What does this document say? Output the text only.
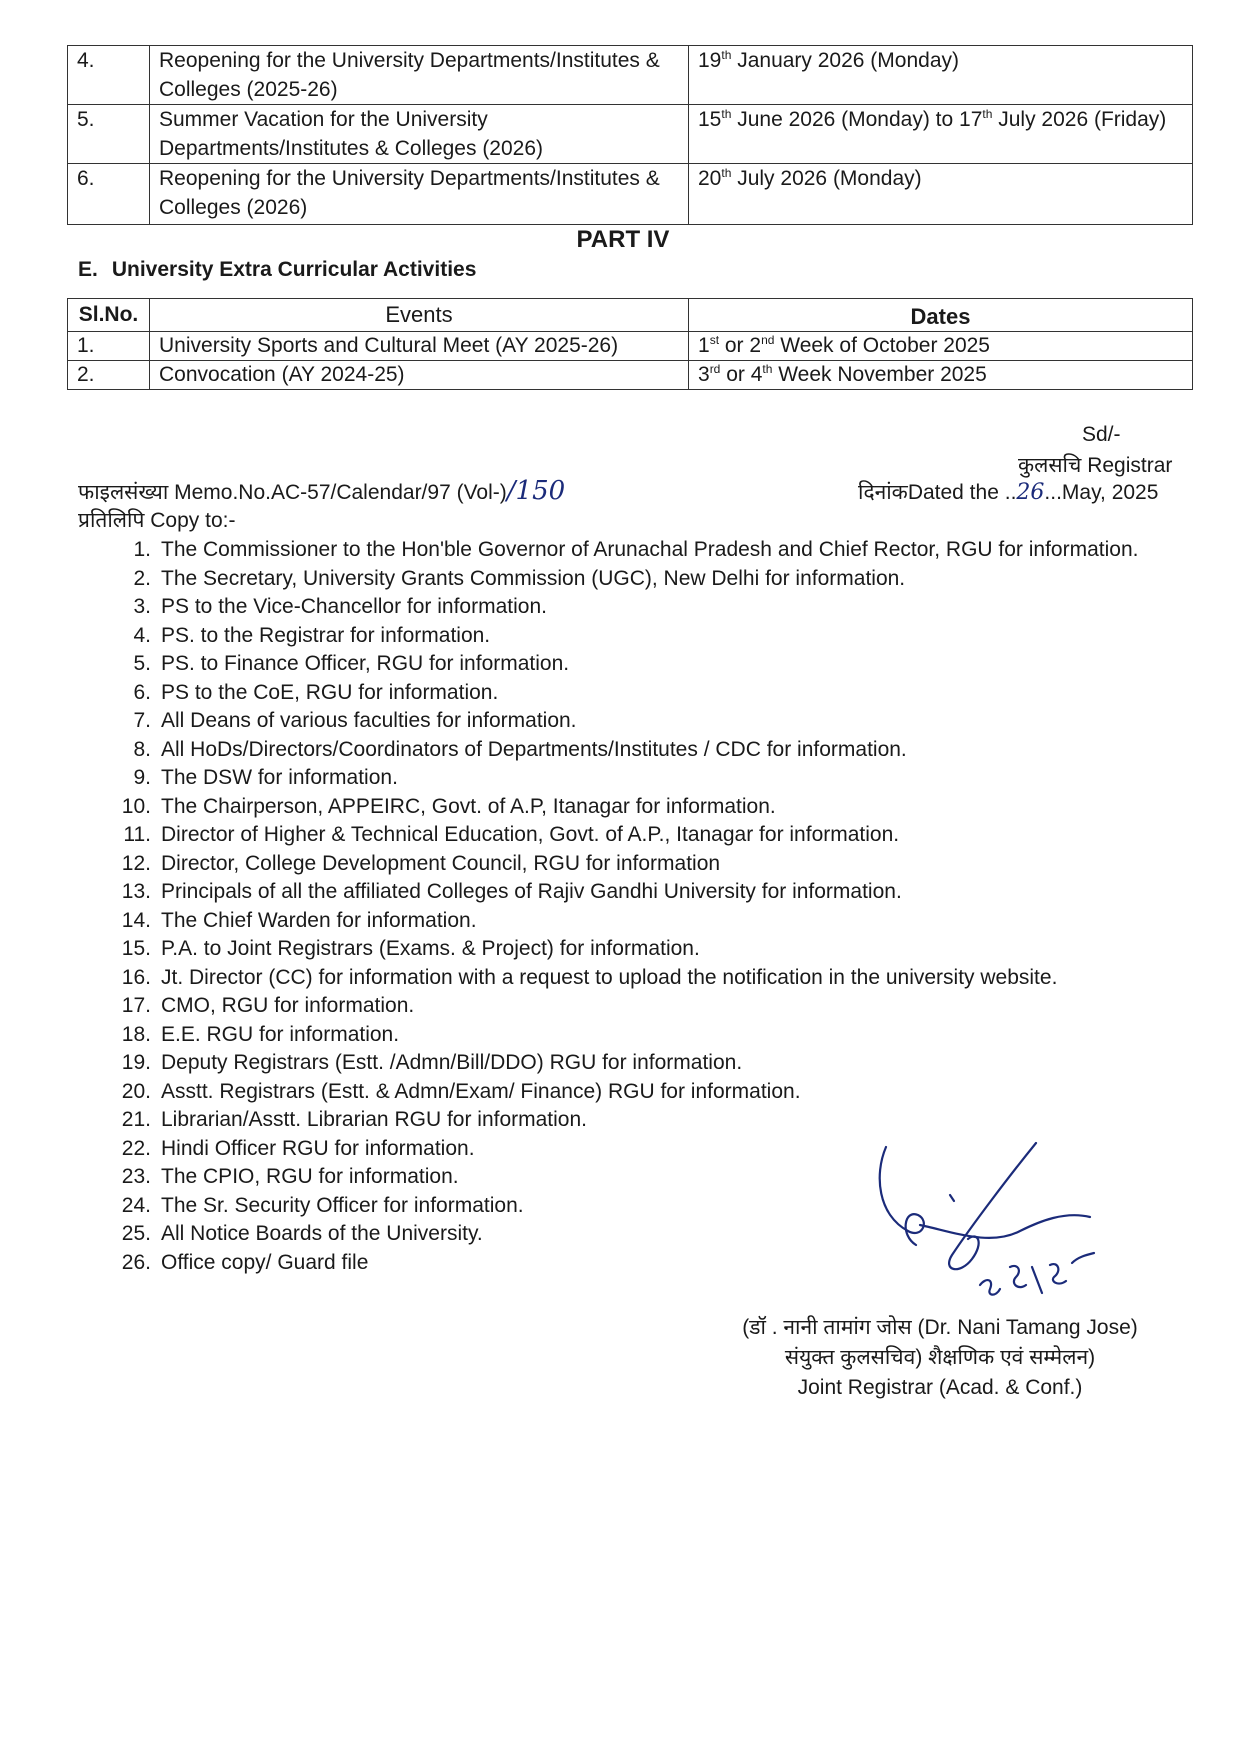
4.	Reopening for the University Departments/Institutes & Colleges (2025-26)	19th January 2026 (Monday)
5.	Summer Vacation for the University Departments/Institutes & Colleges (2026)	15th June 2026 (Monday) to 17th July 2026 (Friday)
6.	Reopening for the University Departments/Institutes & Colleges (2026)	20th July 2026 (Monday)
PART IV
E. University Extra Curricular Activities
Sl.No.	Events	Dates
1.	University Sports and Cultural Meet (AY 2025-26)	1st or 2nd Week of October 2025
2.	Convocation (AY 2024-25)	3rd or 4th Week November 2025
Sd/-
कुलसचि Registrar
फाइलसंख्या Memo.No.AC-57/Calendar/97 (Vol-)/150	दिनांकDated the ..26...May, 2025
प्रतिलिपि Copy to:-
1. The Commissioner to the Hon'ble Governor of Arunachal Pradesh and Chief Rector, RGU for information.
2. The Secretary, University Grants Commission (UGC), New Delhi for information.
3. PS to the Vice-Chancellor for information.
4. PS. to the Registrar for information.
5. PS. to Finance Officer, RGU for information.
6. PS to the CoE, RGU for information.
7. All Deans of various faculties for information.
8. All HoDs/Directors/Coordinators of Departments/Institutes / CDC for information.
9. The DSW for information.
10. The Chairperson, APPEIRC, Govt. of A.P, Itanagar for information.
11. Director of Higher & Technical Education, Govt. of A.P., Itanagar for information.
12. Director, College Development Council, RGU for information
13. Principals of all the affiliated Colleges of Rajiv Gandhi University for information.
14. The Chief Warden for information.
15. P.A. to Joint Registrars (Exams. & Project) for information.
16. Jt. Director (CC) for information with a request to upload the notification in the university website.
17. CMO, RGU for information.
18. E.E. RGU for information.
19. Deputy Registrars (Estt. /Admn/Bill/DDO) RGU for information.
20. Asstt. Registrars (Estt. & Admn/Exam/ Finance) RGU for information.
21. Librarian/Asstt. Librarian RGU for information.
22. Hindi Officer RGU for information.
23. The CPIO, RGU for information.
24. The Sr. Security Officer for information.
25. All Notice Boards of the University.
26. Office copy/ Guard file
(डॉ . नानी तामांग जोस (Dr. Nani Tamang Jose)
संयुक्त कुलसचिव) शैक्षणिक एवं सम्मेलन)
Joint Registrar (Acad. & Conf.)
